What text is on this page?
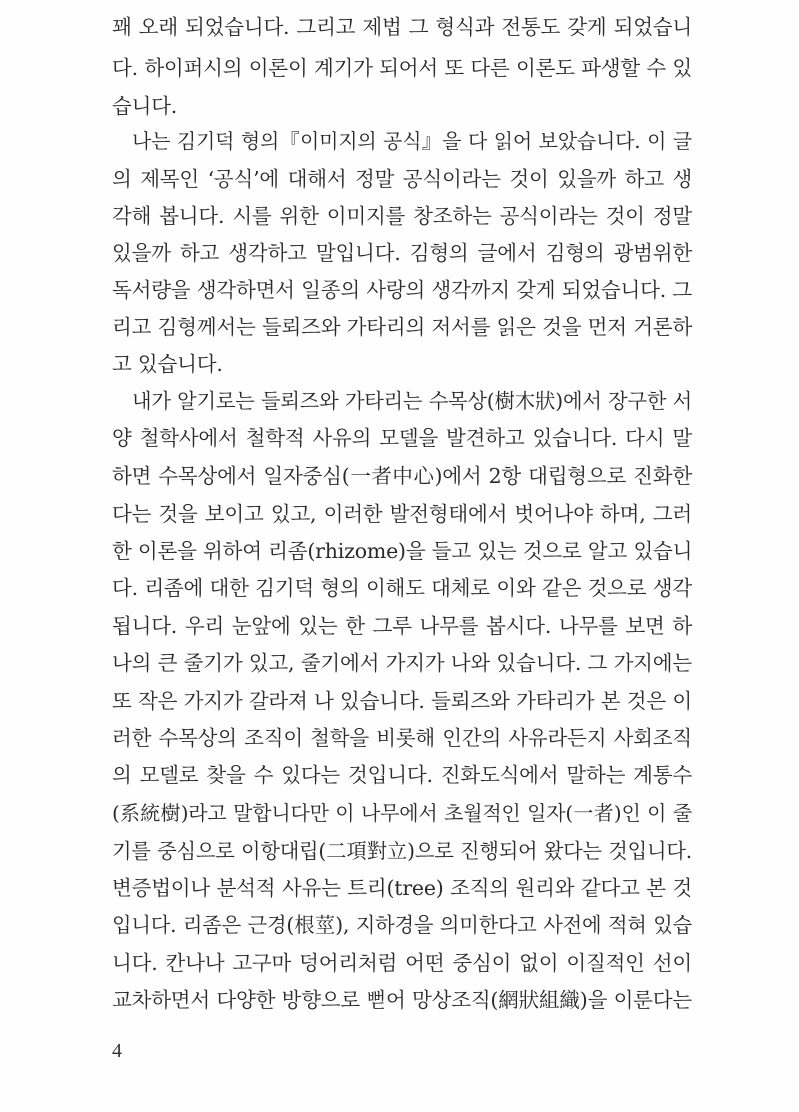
꽤 오래 되었습니다. 그리고 제법 그 형식과 전통도 갖게 되었습니

다. 하이퍼시의 이론이 계기가 되어서 또 다른 이론도 파생할 수 있

습니다.

나는 김기덕 형의『이미지의 공식』을 다 읽어 보았습니다. 이 글

의 제목인 ‘공식’에 대해서 정말 공식이라는 것이 있을까 하고 생

각해 봅니다. 시를 위한 이미지를 창조하는 공식이라는 것이 정말

있을까 하고 생각하고 말입니다. 김형의 글에서 김형의 광범위한

독서량을 생각하면서 일종의 사랑의 생각까지 갖게 되었습니다. 그

리고 김형께서는 들뢰즈와 가타리의 저서를 읽은 것을 먼저 거론하

고 있습니다.

내가 알기로는 들뢰즈와 가타리는 수목상(樹木狀)에서 장구한 서

양 철학사에서 철학적 사유의 모델을 발견하고 있습니다. 다시 말

하면 수목상에서 일자중심(一者中心)에서 2항 대립형으로 진화한

다는 것을 보이고 있고, 이러한 발전형태에서 벗어나야 하며, 그러

한 이론을 위하여 리좀(rhizome)을 들고 있는 것으로 알고 있습니

다. 리좀에 대한 김기덕 형의 이해도 대체로 이와 같은 것으로 생각

됩니다. 우리 눈앞에 있는 한 그루 나무를 봅시다. 나무를 보면 하

나의 큰 줄기가 있고, 줄기에서 가지가 나와 있습니다. 그 가지에는

또 작은 가지가 갈라져 나 있습니다. 들뢰즈와 가타리가 본 것은 이

러한 수목상의 조직이 철학을 비롯해 인간의 사유라든지 사회조직

의 모델로 찾을 수 있다는 것입니다. 진화도식에서 말하는 계통수

(系統樹)라고 말합니다만 이 나무에서 초월적인 일자(一者)인 이 줄

기를 중심으로 이항대립(二項對立)으로 진행되어 왔다는 것입니다.

변증법이나 분석적 사유는 트리(tree) 조직의 원리와 같다고 본 것

입니다. 리좀은 근경(根莖), 지하경을 의미한다고 사전에 적혀 있습

니다. 칸나나 고구마 덩어리처럼 어떤 중심이 없이 이질적인 선이

교차하면서 다양한 방향으로 뻗어 망상조직(網狀組織)을 이룬다는

4
